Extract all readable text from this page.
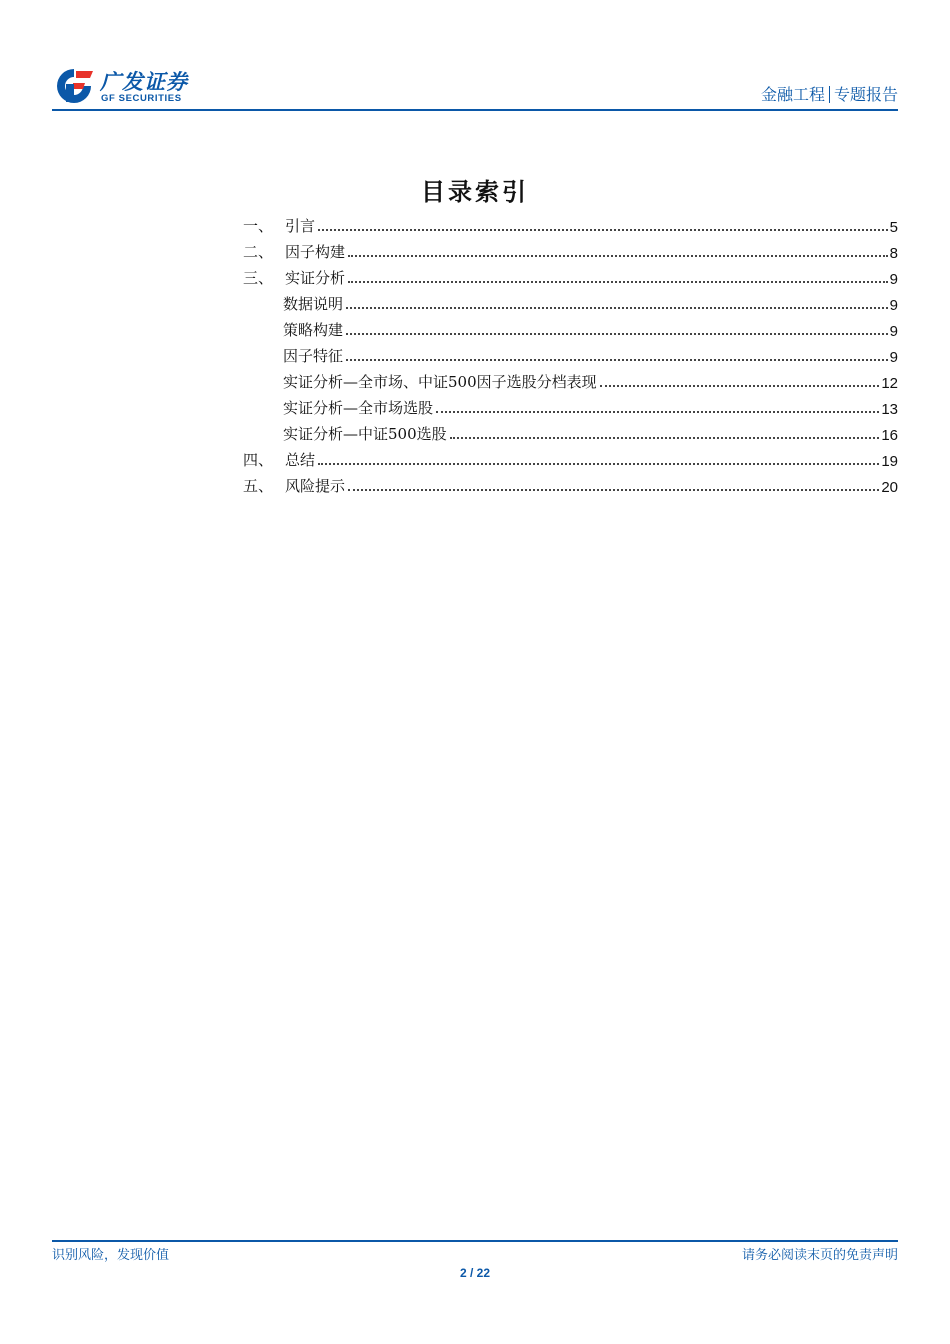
广发证券
GF SECURITIES	金融工程 专题报告
目录索引
一、 引言	5
二、 因子构建	8
三、 实证分析	9
数据说明	9
策略构建	9
因子特征	9
实证分析—全市场、中证500因子选股分档表现	12
实证分析—全市场选股	13
实证分析—中证500选股	16
四、 总结	19
五、 风险提示	20
识别风险，发现价值	请务必阅读末页的免责声明
2 / 22
